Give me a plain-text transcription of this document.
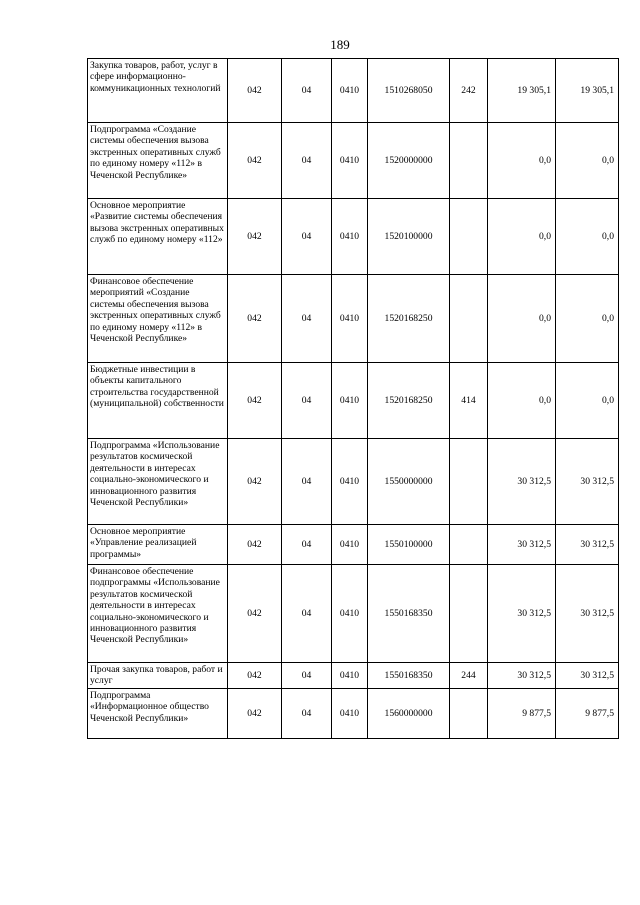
189
Закупка товаров, работ, услуг в сфере информационно-коммуникационных технологий	042	04	0410	1510268050	242	19 305,1	19 305,1

Подпрограмма «Создание системы обеспечения вызова экстренных оперативных служб по единому номеру «112» в Чеченской Республике»	042	04	0410	1520000000		0,0	0,0

Основное мероприятие «Развитие системы обеспечения вызова экстренных оперативных служб по единому номеру «112»	042	04	0410	1520100000		0,0	0,0

Финансовое обеспечение мероприятий «Создание системы обеспечения вызова экстренных оперативных служб по единому номеру «112» в Чеченской Республике»	042	04	0410	1520168250		0,0	0,0

Бюджетные инвестиции в объекты капитального строительства государственной (муниципальной) собственности	042	04	0410	1520168250	414	0,0	0,0

Подпрограмма «Использование результатов космической деятельности в интересах социально-экономического и инновационного развития Чеченской Республики»	042	04	0410	1550000000		30 312,5	30 312,5

Основное мероприятие «Управление реализацией программы»	042	04	0410	1550100000		30 312,5	30 312,5

Финансовое обеспечение подпрограммы «Использование результатов космической деятельности в интересах социально-экономического и инновационного развития Чеченской Республики»	042	04	0410	1550168350		30 312,5	30 312,5

Прочая закупка товаров, работ и услуг	042	04	0410	1550168350	244	30 312,5	30 312,5

Подпрограмма «Информационное общество Чеченской Республики»	042	04	0410	1560000000		9 877,5	9 877,5
